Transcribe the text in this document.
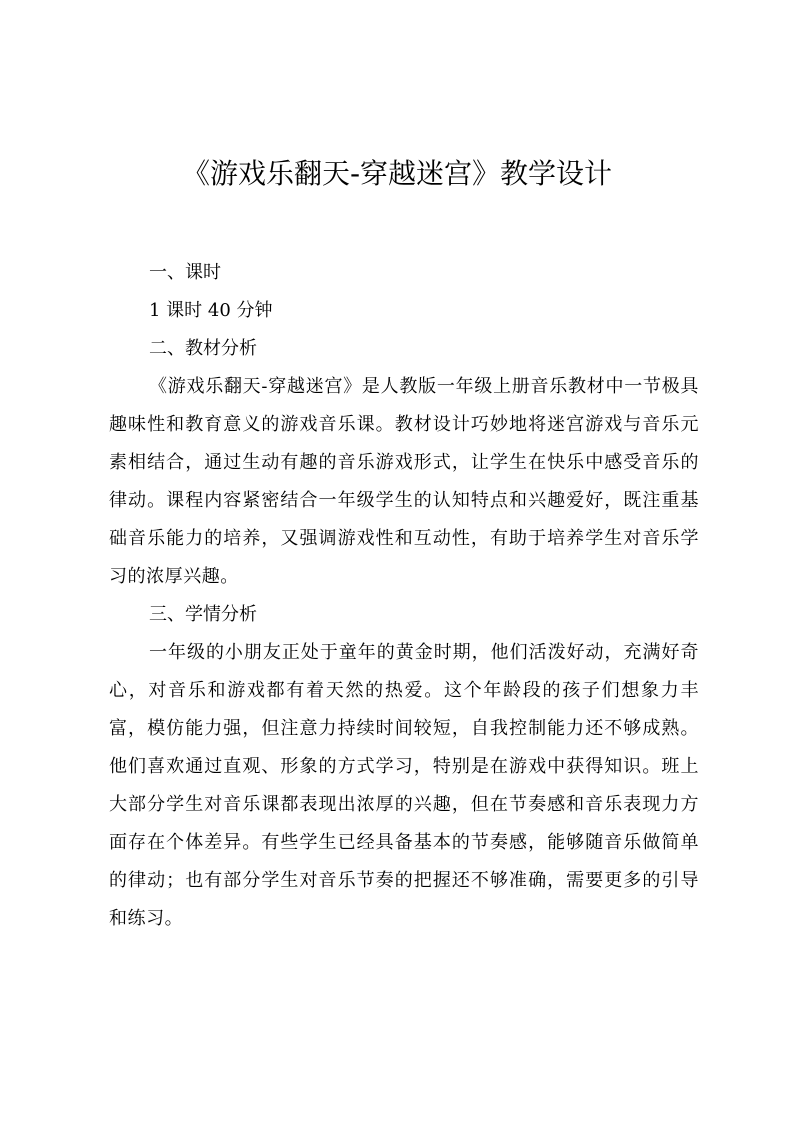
《游戏乐翻天-穿越迷宫》教学设计
一、课时
1 课时 40 分钟
二、教材分析

《游戏乐翻天-穿越迷宫》是人教版一年级上册音乐教材中一节极具趣味性和教育意义的游戏音乐课。教材设计巧妙地将迷宫游戏与音乐元素相结合，通过生动有趣的音乐游戏形式，让学生在快乐中感受音乐的律动。课程内容紧密结合一年级学生的认知特点和兴趣爱好，既注重基础音乐能力的培养，又强调游戏性和互动性，有助于培养学生对音乐学习的浓厚兴趣。

三、学情分析

一年级的小朋友正处于童年的黄金时期，他们活泼好动，充满好奇心，对音乐和游戏都有着天然的热爱。这个年龄段的孩子们想象力丰富，模仿能力强，但注意力持续时间较短，自我控制能力还不够成熟。他们喜欢通过直观、形象的方式学习，特别是在游戏中获得知识。班上大部分学生对音乐课都表现出浓厚的兴趣，但在节奏感和音乐表现力方面存在个体差异。有些学生已经具备基本的节奏感，能够随音乐做简单的律动；也有部分学生对音乐节奏的把握还不够准确，需要更多的引导和练习。
